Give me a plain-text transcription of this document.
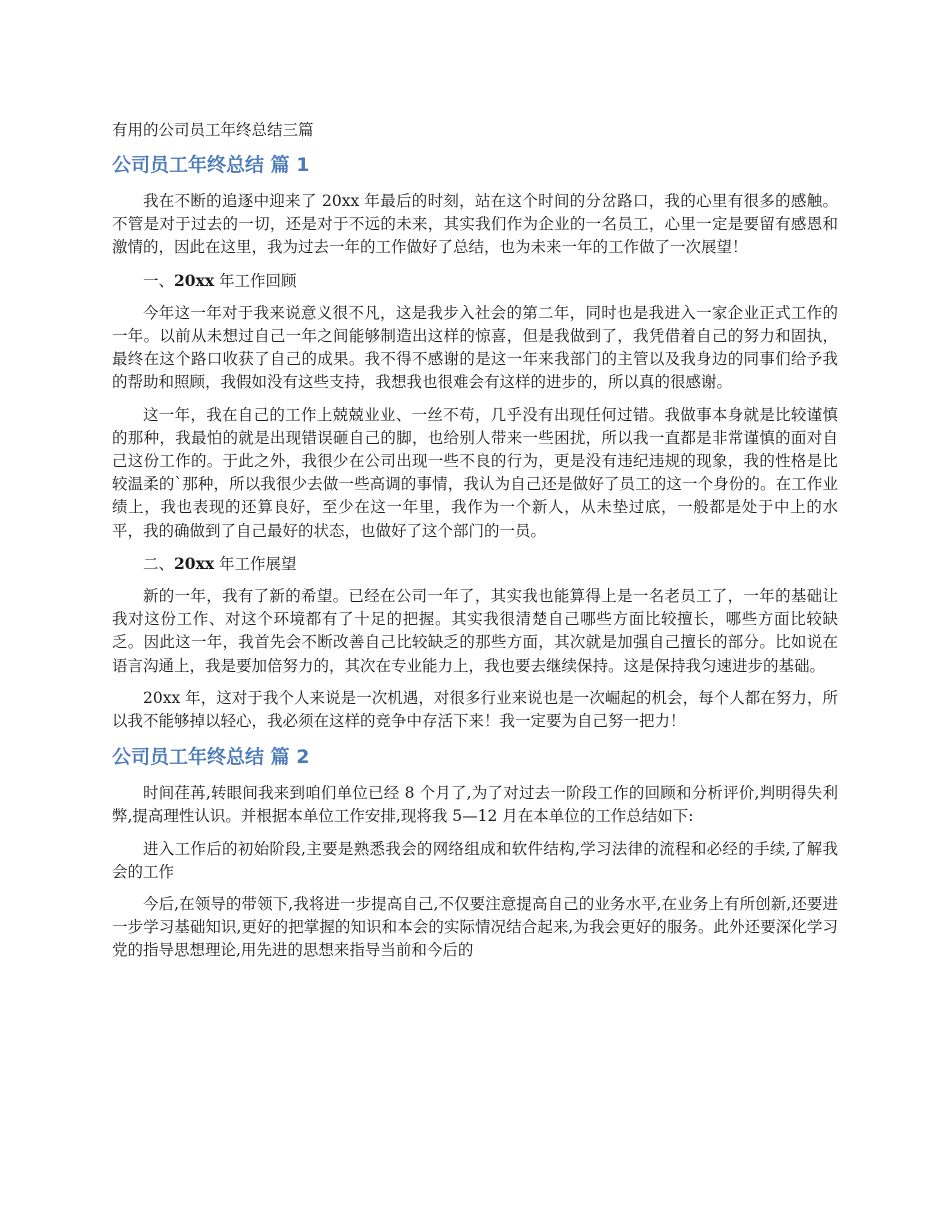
有用的公司员工年终总结三篇
公司员工年终总结 篇 1

我在不断的追逐中迎来了 20xx 年最后的时刻，站在这个时间的分岔路口，我的心里有很多的感触。不管是对于过去的一切，还是对于不远的未来，其实我们作为企业的一名员工，心里一定是要留有感恩和激情的，因此在这里，我为过去一年的工作做好了总结，也为未来一年的工作做了一次展望！

一、20xx 年工作回顾

今年这一年对于我来说意义很不凡，这是我步入社会的第二年，同时也是我进入一家企业正式工作的一年。以前从未想过自己一年之间能够制造出这样的惊喜，但是我做到了，我凭借着自己的努力和固执，最终在这个路口收获了自己的成果。我不得不感谢的是这一年来我部门的主管以及我身边的同事们给予我的帮助和照顾，我假如没有这些支持，我想我也很难会有这样的进步的，所以真的很感谢。

这一年，我在自己的工作上兢兢业业、一丝不苟，几乎没有出现任何过错。我做事本身就是比较谨慎的那种，我最怕的就是出现错误砸自己的脚，也给别人带来一些困扰，所以我一直都是非常谨慎的面对自己这份工作的。于此之外，我很少在公司出现一些不良的行为，更是没有违纪违规的现象，我的性格是比较温柔的`那种，所以我很少去做一些高调的事情，我认为自己还是做好了员工的这一个身份的。在工作业绩上，我也表现的还算良好，至少在这一年里，我作为一个新人，从未垫过底，一般都是处于中上的水平，我的确做到了自己最好的状态，也做好了这个部门的一员。

二、20xx 年工作展望

新的一年，我有了新的希望。已经在公司一年了，其实我也能算得上是一名老员工了，一年的基础让我对这份工作、对这个环境都有了十足的把握。其实我很清楚自己哪些方面比较擅长，哪些方面比较缺乏。因此这一年，我首先会不断改善自己比较缺乏的那些方面，其次就是加强自己擅长的部分。比如说在语言沟通上，我是要加倍努力的，其次在专业能力上，我也要去继续保持。这是保持我匀速进步的基础。

20xx 年，这对于我个人来说是一次机遇，对很多行业来说也是一次崛起的机会，每个人都在努力，所以我不能够掉以轻心，我必须在这样的竞争中存活下来！我一定要为自己努一把力！

公司员工年终总结 篇 2

时间荏苒,转眼间我来到咱们单位已经 8 个月了,为了对过去一阶段工作的回顾和分析评价,判明得失利弊,提高理性认识。并根据本单位工作安排,现将我 5—12 月在本单位的工作总结如下:

进入工作后的初始阶段,主要是熟悉我会的网络组成和软件结构,学习法律的流程和必经的手续,了解我会的工作

今后,在领导的带领下,我将进一步提高自己,不仅要注意提高自己的业务水平,在业务上有所创新,还要进一步学习基础知识,更好的把掌握的知识和本会的实际情况结合起来,为我会更好的服务。此外还要深化学习党的指导思想理论,用先进的思想来指导当前和今后的
